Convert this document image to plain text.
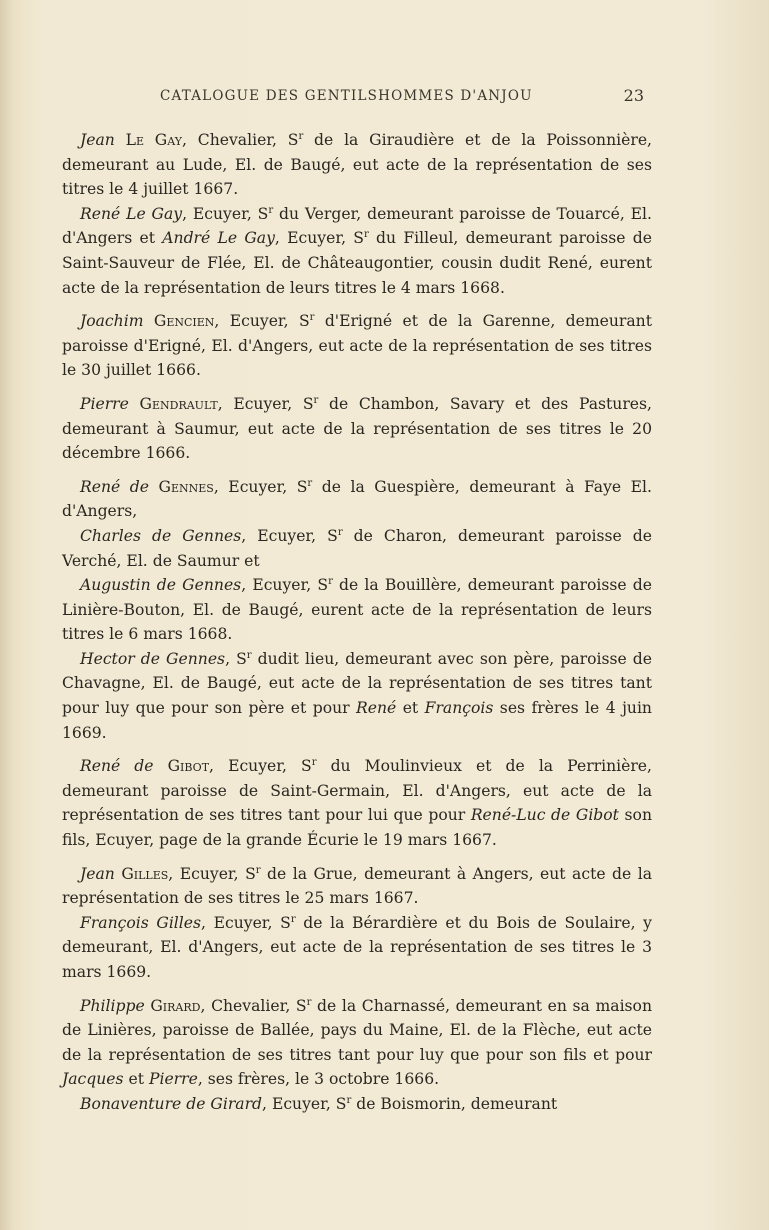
CATALOGUE DES GENTILSHOMMES D'ANJOU	23

Jean Le Gay, Chevalier, $S^r$ de la Giraudière et de la Poissonnière, demeurant au Lude, El. de Baugé, eut acte de la représentation de ses titres le 4 juillet 1667.

René Le Gay, Ecuyer, $S^r$ du Verger, demeurant paroisse de Touarcé, El. d'Angers et André Le Gay, Ecuyer, $S^r$ du Filleul, demeurant paroisse de Saint-Sauveur de Flée, El. de Châteaugontier, cousin dudit René, eurent acte de la représentation de leurs titres le 4 mars 1668.

Joachim Gencien, Ecuyer, $S^r$ d'Erigné et de la Garenne, demeurant paroisse d'Erigné, El. d'Angers, eut acte de la représentation de ses titres le 30 juillet 1666.

Pierre Gendrault, Ecuyer, $S^r$ de Chambon, Savary et des Pastures, demeurant à Saumur, eut acte de la représentation de ses titres le 20 décembre 1666.

René de Gennes, Ecuyer, $S^r$ de la Guespière, demeurant à Faye El. d'Angers,

Charles de Gennes, Ecuyer, $S^r$ de Charon, demeurant paroisse de Verché, El. de Saumur et

Augustin de Gennes, Ecuyer, $S^r$ de la Bouillère, demeurant paroisse de Linière-Bouton, El. de Baugé, eurent acte de la représentation de leurs titres le 6 mars 1668.

Hector de Gennes, $S^r$ dudit lieu, demeurant avec son père, paroisse de Chavagne, El. de Baugé, eut acte de la représentation de ses titres tant pour luy que pour son père et pour René et François ses frères le 4 juin 1669.

René de Gibot, Ecuyer, $S^r$ du Moulinvieux et de la Perrinière, demeurant paroisse de Saint-Germain, El. d'Angers, eut acte de la représentation de ses titres tant pour lui que pour René-Luc de Gibot son fils, Ecuyer, page de la grande Écurie le 19 mars 1667.

Jean Gilles, Ecuyer, $S^r$ de la Grue, demeurant à Angers, eut acte de la représentation de ses titres le 25 mars 1667.

François Gilles, Ecuyer, $S^r$ de la Bérardière et du Bois de Soulaire, y demeurant, El. d'Angers, eut acte de la représentation de ses titres le 3 mars 1669.

Philippe Girard, Chevalier, $S^r$ de la Charnassé, demeurant en sa maison de Linières, paroisse de Ballée, pays du Maine, El. de la Flèche, eut acte de la représentation de ses titres tant pour luy que pour son fils et pour Jacques et Pierre, ses frères, le 3 octobre 1666.

Bonaventure de Girard, Ecuyer, $S^r$ de Boismorin, demeurant
